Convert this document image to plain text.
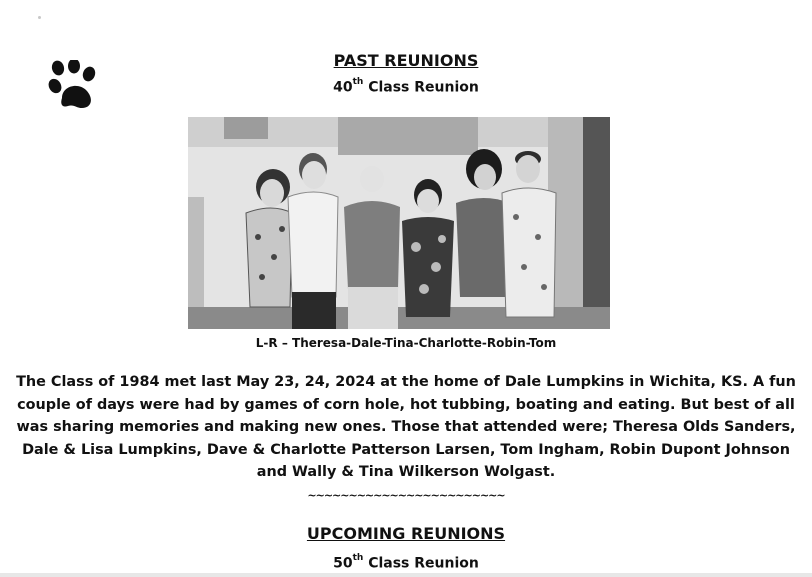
PAST REUNIONS
40th Class Reunion
L-R – Theresa-Dale-Tina-Charlotte-Robin-Tom

The Class of 1984 met last May 23, 24, 2024 at the home of Dale Lumpkins in Wichita, KS. A fun couple of days were had by games of corn hole, hot tubbing, boating and eating. But best of all was sharing memories and making new ones. Those that attended were; Theresa Olds Sanders, Dale & Lisa Lumpkins, Dave & Charlotte Patterson Larsen, Tom Ingham, Robin Dupont Johnson and Wally & Tina Wilkerson Wolgast.

~~~~~~~~~~~~~~~~~~~~~~~~
UPCOMING REUNIONS
50th Class Reunion
